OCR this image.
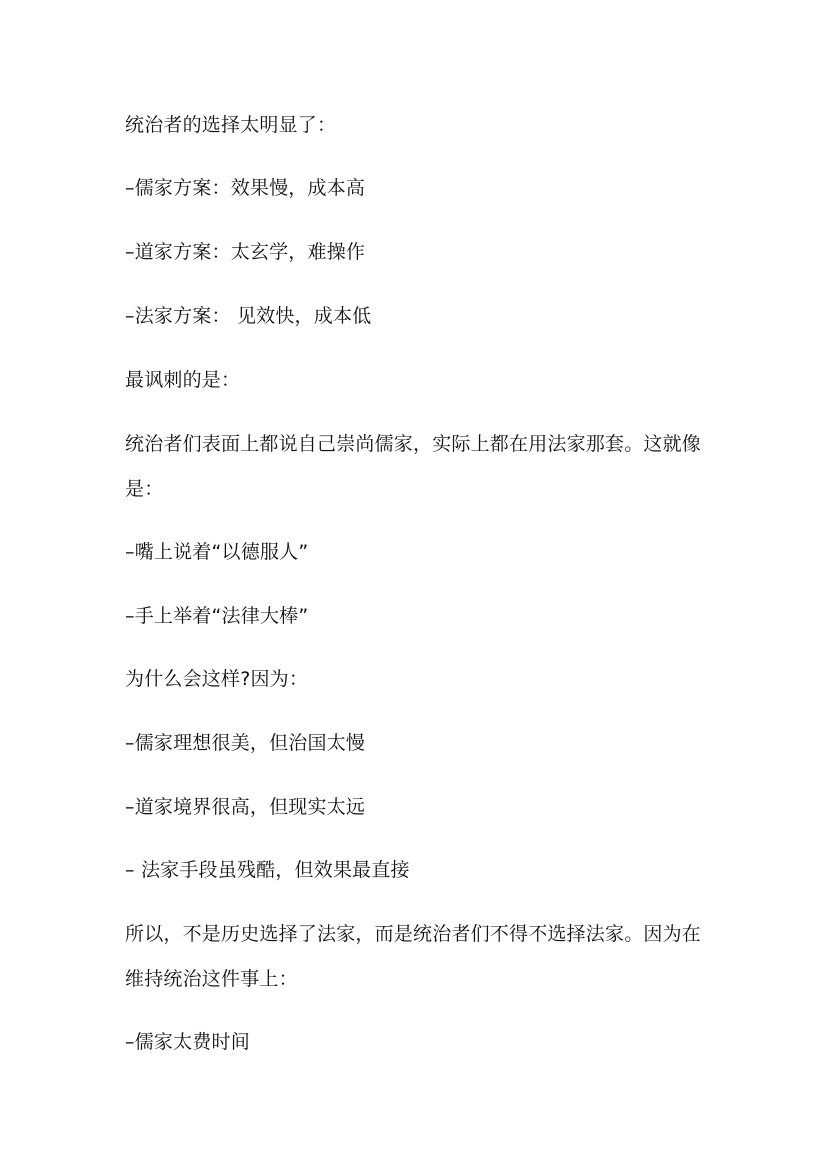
统治者的选择太明显了：
–儒家方案：效果慢，成本高
–道家方案：太玄学，难操作
–法家方案： 见效快，成本低
最讽刺的是：
统治者们表面上都说自己崇尚儒家，实际上都在用法家那套。这就像
是：
–嘴上说着“以德服人”
–手上举着“法律大棒”
为什么会这样?因为：
–儒家理想很美，但治国太慢
–道家境界很高，但现实太远
– 法家手段虽残酷，但效果最直接
所以，不是历史选择了法家，而是统治者们不得不选择法家。因为在
维持统治这件事上：
–儒家太费时间
